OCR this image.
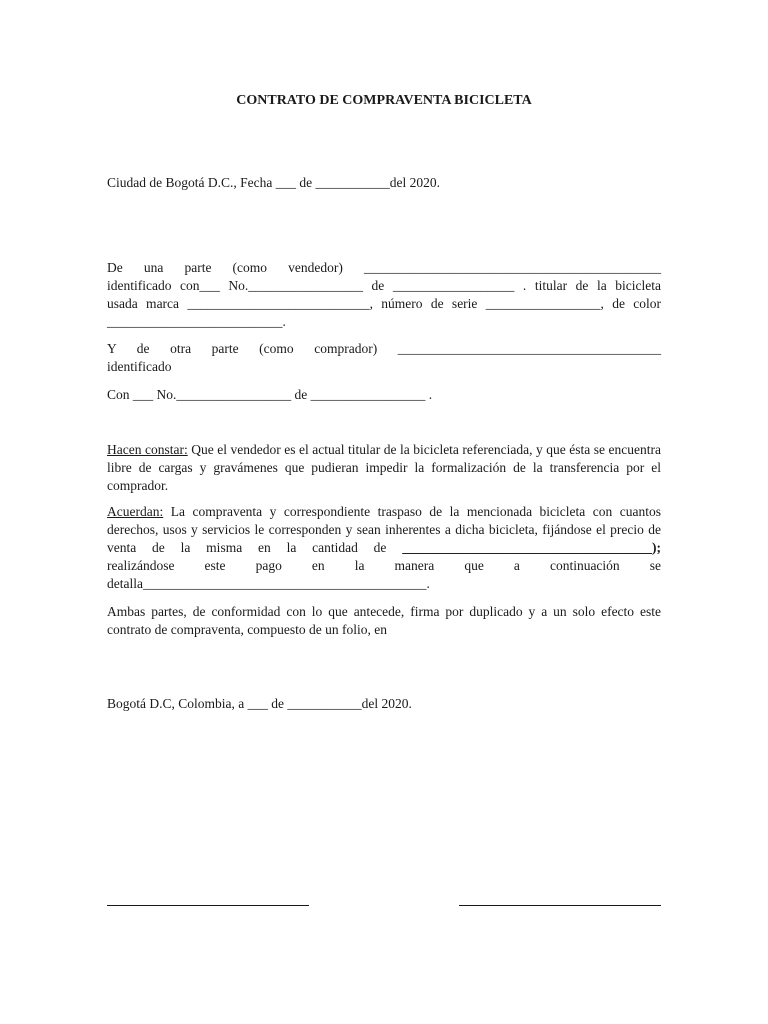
CONTRATO DE COMPRAVENTA BICICLETA

Ciudad de Bogotá D.C., Fecha ___ de ___________del 2020.

De una parte (como vendedor) ____________________________________________
identificado con___ No._________________ de __________________ . titular de la bicicleta
usada marca ___________________________, número de serie _________________, de color
__________________________.
Y de otra parte (como comprador) _______________________________________
identificado

Con ___ No._________________ de _________________ .

Hacen constar: Que el vendedor es el actual titular de la bicicleta referenciada, y que ésta se encuentra libre de cargas y gravámenes que pudieran impedir la formalización de la transferencia por el comprador.

Acuerdan: La compraventa y correspondiente traspaso de la mencionada bicicleta con cuantos derechos, usos y servicios le corresponden y sean inherentes a dicha bicicleta, fijándose el precio de venta de la misma en la cantidad de _____________________________________);

realizándose este pago en la manera que a continuación se
detalla__________________________________________.

Ambas partes, de conformidad con lo que antecede, firma por duplicado y a un solo efecto este contrato de compraventa, compuesto de un folio, en

Bogotá D.C, Colombia, a ___ de ___________del 2020.
